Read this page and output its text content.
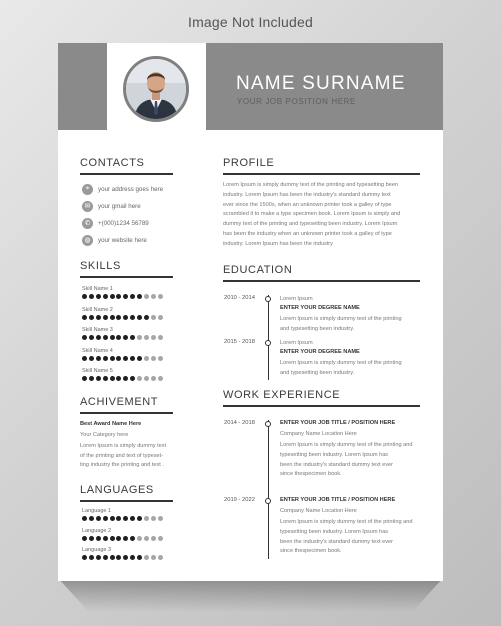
Image Not Included
NAME SURNAME
YOUR JOB POSITION HERE
CONTACTS
⌖	your address goes here
✉	your gmail here
✆	+(000)1234 56789
◍	your website here
SKILLS
Skill Name 1
Skill Name 2
Skill Name 3
Skill Name 4
Skill Name 5
ACHIVEMENT
Best Award Name Here
Your Category here
Lorem Ipsum is simply dummy text
of the printing and text of typeset-
ting industry the printing and text .
LANGUAGES
Language 1
Language 2
Language 3
PROFILE
Lorem Ipsum is simply dummy text of the printing and typesetting been
industry. Lorem Ipsum has been the industry's standard dummy text
ever since the 1500s, when an unknown printer took a galley of type
scrambled it to make a type specimen book. Lorem Ipsum is simply and
dummy text of the printing and typesetting been industry. Lorem Ipsum
has been the industry when an unknown printer took a galley of type
industry. Lorem Ipsum has been the industry
EDUCATION
2010 - 2014	Lorem Ipsum
ENTER YOUR DEGREE NAME
Lorem Ipsum is simply dummy text of the printing
and typesetting been industry.
2015 - 2018	Lorem Ipsum
ENTER YOUR DEGREE NAME
Lorem Ipsum is simply dummy text of the printing
and typesetting been industry.
WORK EXPERIENCE
2014 - 2018	ENTER YOUR JOB TITLE / POSITION HERE
Company Name Location Here
Lorem Ipsum is simply dummy text of the printing and
typesetting been industry. Lorem Ipsum has
been the industry's standard dummy text ever
since thespecimen book.
2019 - 2022	ENTER YOUR JOB TITLE / POSITION HERE
Company Name Location Here
Lorem Ipsum is simply dummy text of the printing and
typesetting been industry. Lorem Ipsum has
been the industry's standard dummy text ever
since thespecimen book.
